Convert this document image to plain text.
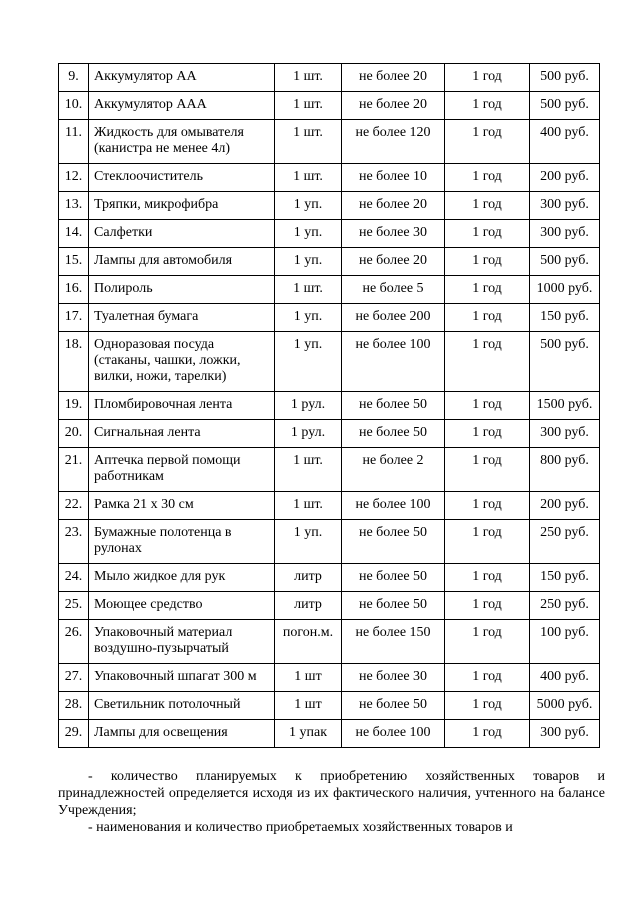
9.	Аккумулятор АА	1 шт.	не более 20	1 год	500 руб.
10.	Аккумулятор ААА	1 шт.	не более 20	1 год	500 руб.
11.	Жидкость для омывателя (канистра не менее 4л)	1 шт.	не более 120	1 год	400 руб.
12.	Стеклоочиститель	1 шт.	не более 10	1 год	200 руб.
13.	Тряпки, микрофибра	1 уп.	не более 20	1 год	300 руб.
14.	Салфетки	1 уп.	не более 30	1 год	300 руб.
15.	Лампы для автомобиля	1 уп.	не более 20	1 год	500 руб.
16.	Полироль	1 шт.	не более 5	1 год	1000 руб.
17.	Туалетная бумага	1 уп.	не более 200	1 год	150 руб.
18.	Одноразовая посуда (стаканы, чашки, ложки, вилки, ножи, тарелки)	1 уп.	не более 100	1 год	500 руб.
19.	Пломбировочная лента	1 рул.	не более 50	1 год	1500 руб.
20.	Сигнальная лента	1 рул.	не более 50	1 год	300 руб.
21.	Аптечка первой помощи работникам	1 шт.	не более 2	1 год	800 руб.
22.	Рамка 21 х 30 см	1 шт.	не более 100	1 год	200 руб.
23.	Бумажные полотенца в рулонах	1 уп.	не более 50	1 год	250 руб.
24.	Мыло жидкое для рук	литр	не более 50	1 год	150 руб.
25.	Моющее средство	литр	не более 50	1 год	250 руб.
26.	Упаковочный материал воздушно-пузырчатый	погон.м.	не более 150	1 год	100 руб.
27.	Упаковочный шпагат 300 м	1 шт	не более 30	1 год	400 руб.
28.	Светильник потолочный	1 шт	не более 50	1 год	5000 руб.
29.	Лампы для освещения	1 упак	не более 100	1 год	300 руб.

- количество планируемых к приобретению хозяйственных товаров и принадлежностей определяется исходя из их фактического наличия, учтенного на балансе Учреждения;

- наименования и количество приобретаемых хозяйственных товаров и
